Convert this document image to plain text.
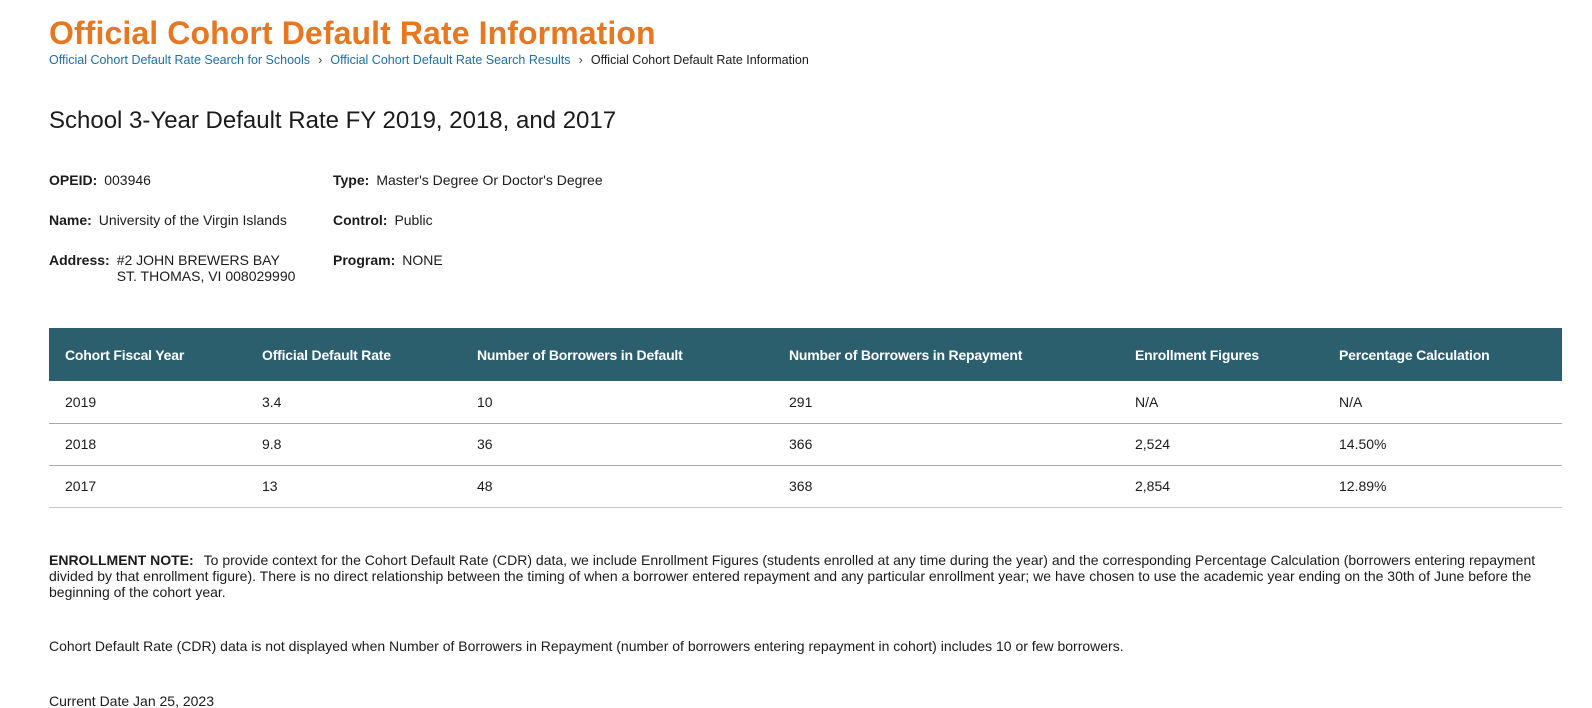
Official Cohort Default Rate Information
Official Cohort Default Rate Search for Schools › Official Cohort Default Rate Search Results › Official Cohort Default Rate Information
School 3-Year Default Rate FY 2019, 2018, and 2017
OPEID: 003946
Name: University of the Virgin Islands
Address: #2 JOHN BREWERS BAY
ST. THOMAS, VI 008029990
Type: Master's Degree Or Doctor's Degree
Control: Public
Program: NONE
Cohort Fiscal Year	Official Default Rate	Number of Borrowers in Default	Number of Borrowers in Repayment	Enrollment Figures	Percentage Calculation
2019	3.4	10	291	N/A	N/A
2018	9.8	36	366	2,524	14.50%
2017	13	48	368	2,854	12.89%

ENROLLMENT NOTE: To provide context for the Cohort Default Rate (CDR) data, we include Enrollment Figures (students enrolled at any time during the year) and the corresponding Percentage Calculation (borrowers entering repayment divided by that enrollment figure). There is no direct relationship between the timing of when a borrower entered repayment and any particular enrollment year; we have chosen to use the academic year ending on the 30th of June before the beginning of the cohort year.

Cohort Default Rate (CDR) data is not displayed when Number of Borrowers in Repayment (number of borrowers entering repayment in cohort) includes 10 or few borrowers.

Current Date Jan 25, 2023
